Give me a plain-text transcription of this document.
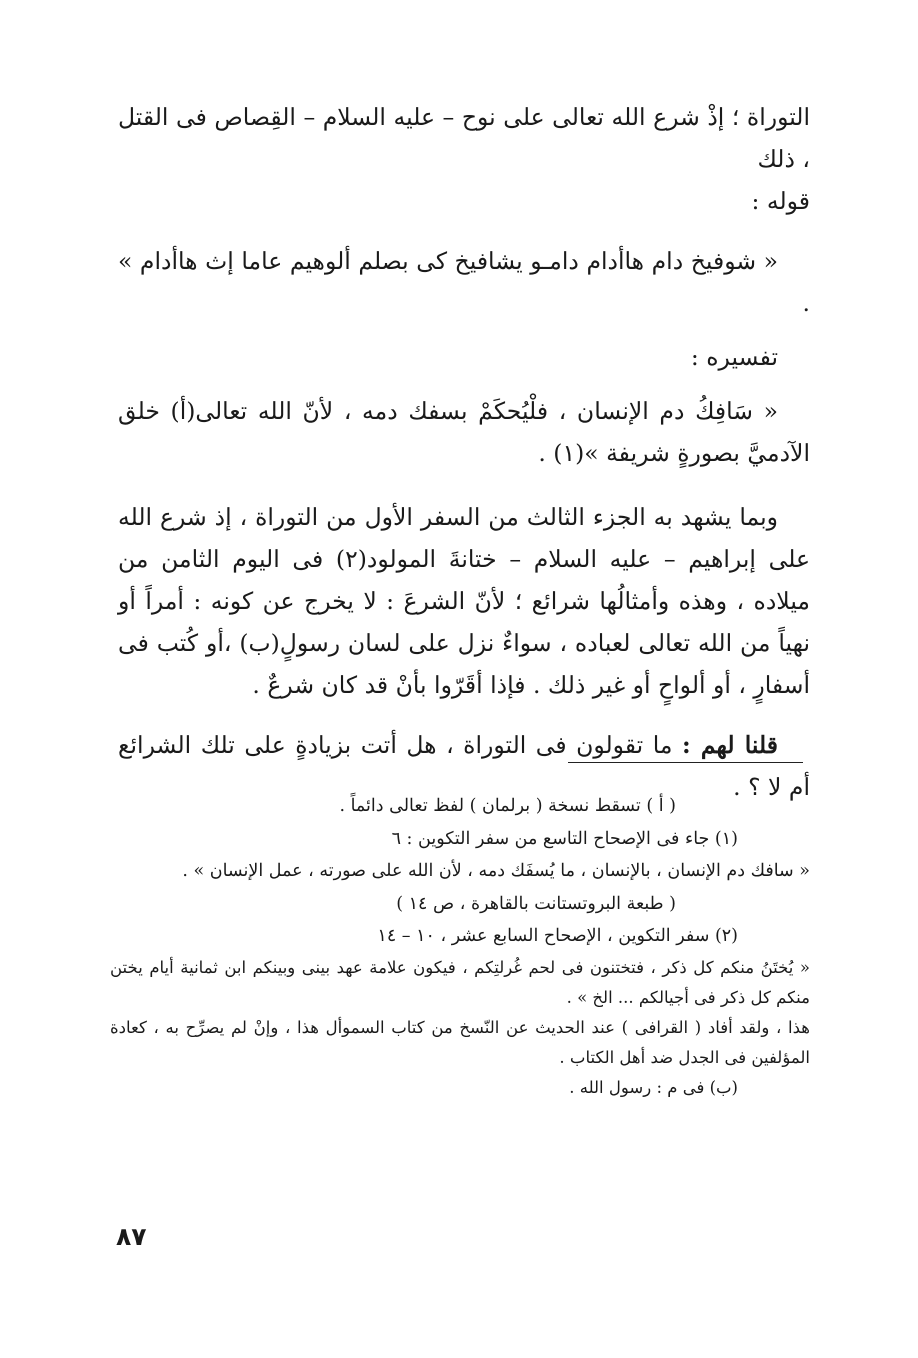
التوراة ؛ إذْ شرع الله تعالى على نوح – عليه السلام – القِصاص فى القتل ، ذلك

قوله :

« شوفيخ دام هاأدام دامـو يشافيخ كى بصلم ألوهيم عاما إث هاأدام » .

تفسيره :

« سَافِكُ دم الإنسان ، فلْيُحكَمْ بسفك دمه ، لأنّ الله تعالى(أ) خلق الآدميَّ بصورةٍ شريفة »(١) .

وبما يشهد به الجزء الثالث من السفر الأول من التوراة ، إذ شرع الله على إبراهيم – عليه السلام – ختانةَ المولود(٢) فى اليوم الثامن من ميلاده ، وهذه وأمثالُها شرائع ؛ لأنّ الشرعَ : لا يخرج عن كونه : أمراً أو نهياً من الله تعالى لعباده ، سواءٌ نزل على لسان رسولٍ(ب) ،أو كُتب فى أسفارٍ ، أو ألواحٍ أو غير ذلك . فإذا أقَرّوا بأنْ قد كان شرعٌ .

قلنا لهم : ما تقولون فى التوراة ، هل أتت بزيادةٍ على تلك الشرائع أم لا ؟ .

( أ ) تسقط نسخة ( برلمان ) لفظ تعالى دائماً .

(١) جاء فى الإصحاح التاسع من سفر التكوين : ٦

« سافك دم الإنسان ، بالإنسان ، ما يُسفَك دمه ، لأن الله على صورته ، عمل الإنسان » .

( طبعة البروتستانت بالقاهرة ، ص ١٤ )

(٢) سفر التكوين ، الإصحاح السابع عشر ، ١٠ – ١٤

« يُختَنُ منكم كل ذكر ، فتختنون فى لحم غُرلتِكم ، فيكون علامة عهد بينى وبينكم ابن ثمانية أيام يختن منكم كل ذكر فى أجيالكم ... الخ » .

هذا ، ولقد أفاد ( القرافى ) عند الحديث عن النّسخ من كتاب السموأل هذا ، وإنْ لم يصرِّح به ، كعادة المؤلفين فى الجدل ضد أهل الكتاب .

(ب) فى م : رسول الله .

٨٧
